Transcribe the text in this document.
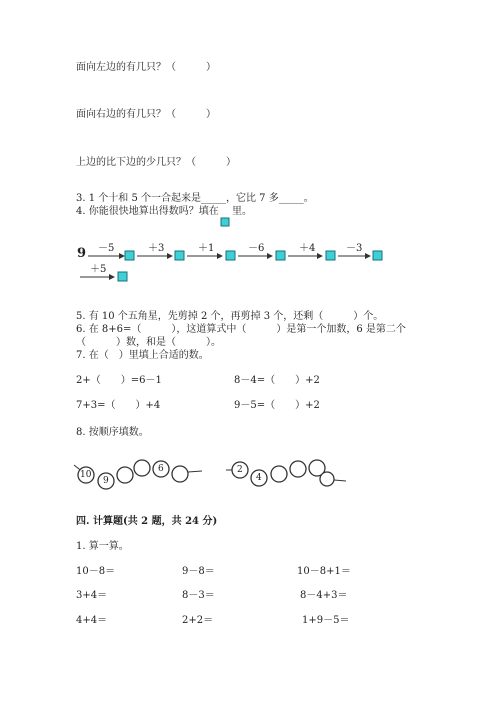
面向左边的有几只？（　　　）
面向右边的有几只？（　　　）
上边的比下边的少几只？（　　　）
3. 1 个十和 5 个一合起来是_____，它比 7 多_____。
4. 你能很快地算出得数吗？填在 里。
9 －5	＋3	＋1	－6	＋4	－3
＋5
5. 有 10 个五角星，先剪掉 2 个，再剪掉 3 个，还剩（　　　）个。
6. 在 8+6=（　　　），这道算式中（　　　）是第一个加数，6 是第二个
（　　　）数，和是（　　　）。
7. 在（　）里填上合适的数。
2+（　　）=6－1	8－4=（　　）+2
7+3=（　　）+4	9－5=（　　）+2
8. 按顺序填数。
10
9
6	2
4
四. 计算题(共 2 题，共 24 分)
1. 算一算。
10－8＝	9－8＝	10－8+1＝
3+4＝	8－3＝	8－4+3＝
4+4＝	2+2＝	1+9－5＝
